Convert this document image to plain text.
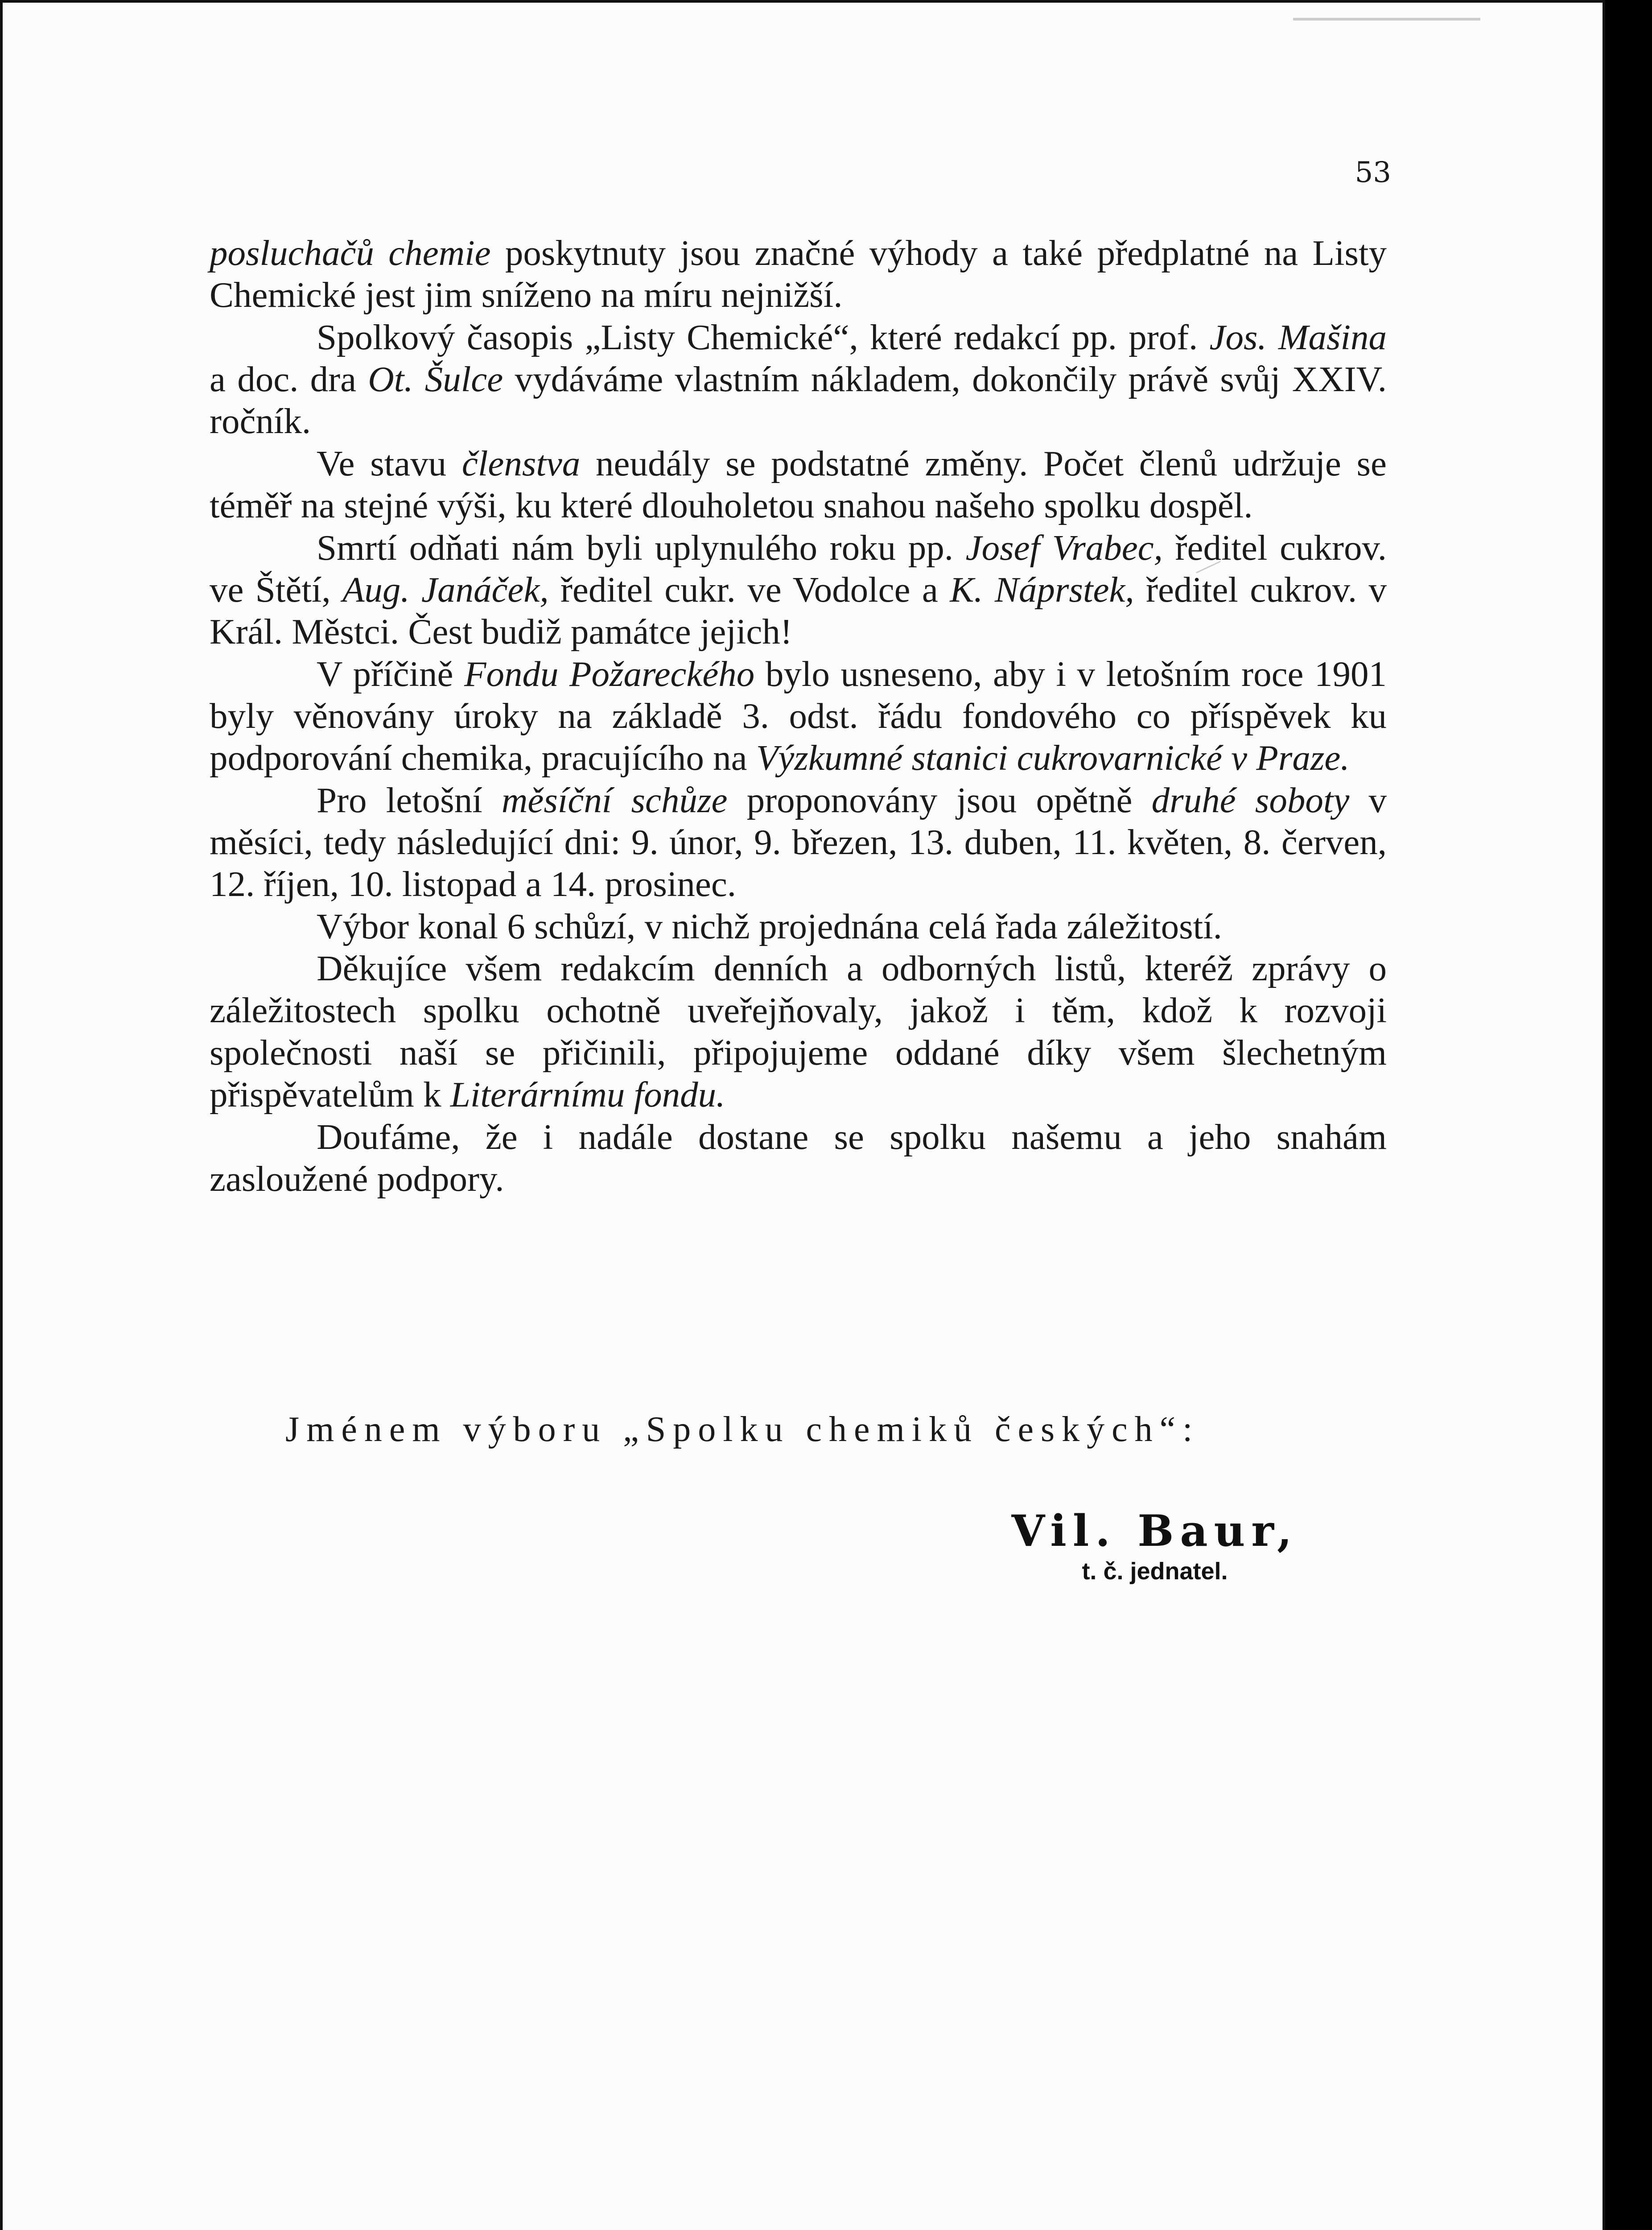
53

posluchačů chemie poskytnuty jsou značné výhody a také předplatné na Listy Chemické jest jim sníženo na míru nejnižší.

Spolkový časopis „Listy Chemické“, které redakcí pp. prof. Jos. Mašina a doc. dra Ot. Šulce vydáváme vlastním nákladem, dokončily právě svůj XXIV. ročník.

Ve stavu členstva neudály se podstatné změny. Počet členů udržuje se téměř na stejné výši, ku které dlouholetou snahou našeho spolku dospěl.

Smrtí odňati nám byli uplynulého roku pp. Josef Vrabec, ředitel cukrov. ve Štětí, Aug. Janáček, ředitel cukr. ve Vodolce a K. Náprstek, ředitel cukrov. v Král. Městci. Čest budiž památce jejich!

V příčině Fondu Požareckého bylo usneseno, aby i v letošním roce 1901 byly věnovány úroky na základě 3. odst. řádu fondového co příspěvek ku podporování chemika, pracujícího na Výzkumné stanici cukrovarnické v Praze.

Pro letošní měsíční schůze proponovány jsou opětně druhé soboty v měsíci, tedy následující dni: 9. únor, 9. březen, 13. duben, 11. květen, 8. červen, 12. říjen, 10. listopad a 14. prosinec.

Výbor konal 6 schůzí, v nichž projednána celá řada záležitostí.

Děkujíce všem redakcím denních a odborných listů, kteréž zprávy o záležitostech spolku ochotně uveřejňovaly, jakož i těm, kdož k rozvoji společnosti naší se přičinili, připojujeme oddané díky všem šlechetným přispěvatelům k Literárnímu fondu.

Doufáme, že i nadále dostane se spolku našemu a jeho snahám zasloužené podpory.

Jménem výboru „Spolku chemiků českých“:
Vil. Baur,
t. č. jednatel.
